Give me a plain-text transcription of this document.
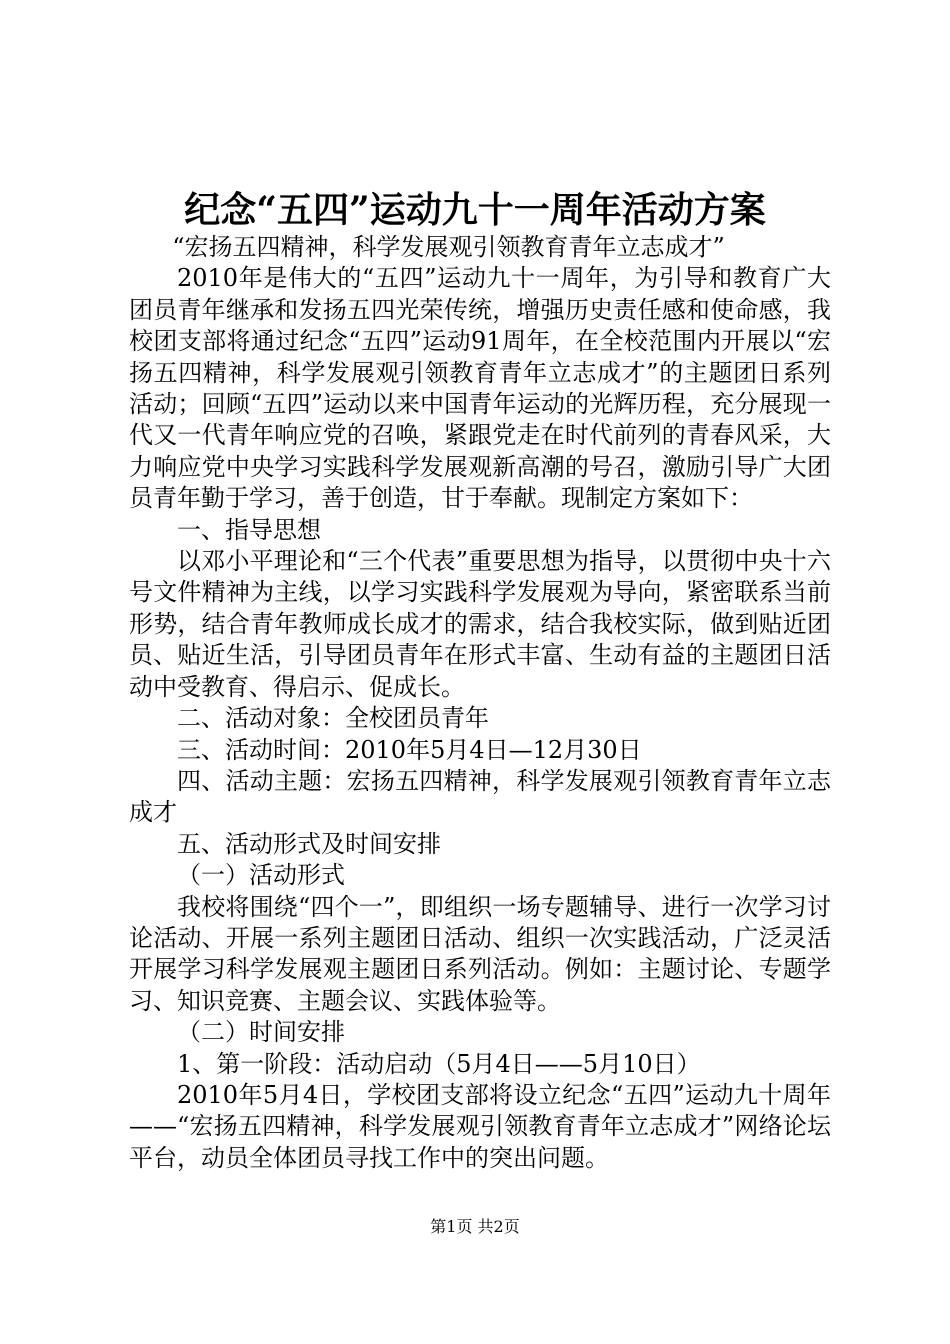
纪念“五四”运动九十一周年活动方案

“宏扬五四精神，科学发展观引领教育青年立志成才”

2010年是伟大的“五四”运动九十一周年，为引导和教育广大团员青年继承和发扬五四光荣传统，增强历史责任感和使命感，我校团支部将通过纪念“五四”运动91周年，在全校范围内开展以“宏扬五四精神，科学发展观引领教育青年立志成才”的主题团日系列活动；回顾“五四”运动以来中国青年运动的光辉历程，充分展现一代又一代青年响应党的召唤，紧跟党走在时代前列的青春风采，大力响应党中央学习实践科学发展观新高潮的号召，激励引导广大团员青年勤于学习，善于创造，甘于奉献。现制定方案如下：

一、指导思想

以邓小平理论和“三个代表”重要思想为指导，以贯彻中央十六号文件精神为主线，以学习实践科学发展观为导向，紧密联系当前形势，结合青年教师成长成才的需求，结合我校实际，做到贴近团员、贴近生活，引导团员青年在形式丰富、生动有益的主题团日活动中受教育、得启示、促成长。

二、活动对象：全校团员青年

三、活动时间：2010年5月4日—12月30日

四、活动主题：宏扬五四精神，科学发展观引领教育青年立志成才

五、活动形式及时间安排

（一）活动形式

我校将围绕“四个一”，即组织一场专题辅导、进行一次学习讨论活动、开展一系列主题团日活动、组织一次实践活动，广泛灵活开展学习科学发展观主题团日系列活动。例如：主题讨论、专题学习、知识竞赛、主题会议、实践体验等。

（二）时间安排

1、第一阶段：活动启动（5月4日——5月10日）

2010年5月4日，学校团支部将设立纪念“五四”运动九十周年——“宏扬五四精神，科学发展观引领教育青年立志成才”网络论坛平台，动员全体团员寻找工作中的突出问题。

第1页 共2页
